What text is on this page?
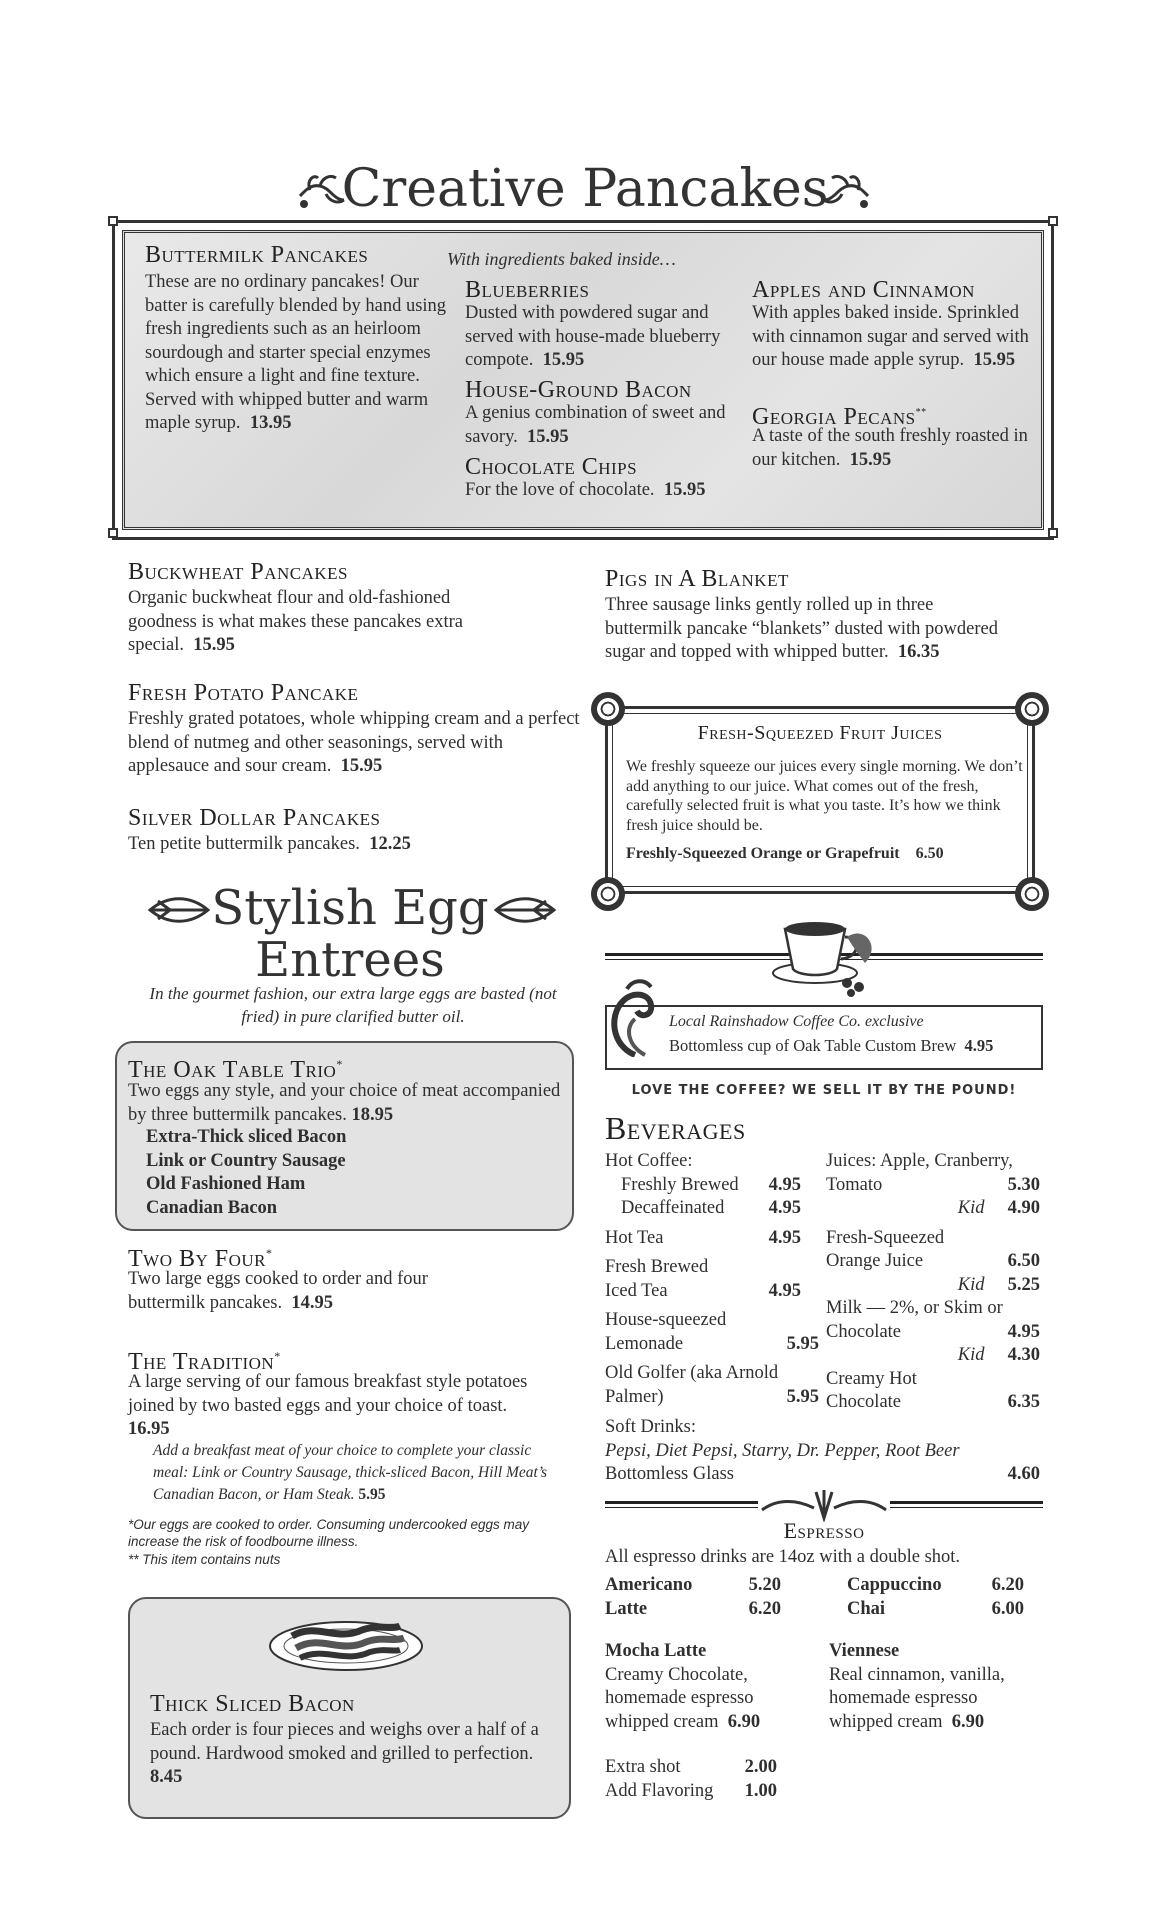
Creative Pancakes
Buttermilk Pancakes
These are no ordinary pancakes! Our batter is carefully blended by hand using fresh ingredients such as an heirloom sourdough and starter special enzymes which ensure a light and fine texture. Served with whipped butter and warm maple syrup. 13.95
With ingredients baked inside…
Blueberries
Dusted with powdered sugar and served with house-made blueberry compote. 15.95
House-Ground Bacon
A genius combination of sweet and savory. 15.95
Chocolate Chips
For the love of chocolate. 15.95
Apples and Cinnamon
With apples baked inside. Sprinkled with cinnamon sugar and served with our house made apple syrup. 15.95
Georgia Pecans**
A taste of the south freshly roasted in our kitchen. 15.95
Buckwheat Pancakes
Organic buckwheat flour and old-fashioned goodness is what makes these pancakes extra special. 15.95
Fresh Potato Pancake
Freshly grated potatoes, whole whipping cream and a perfect blend of nutmeg and other seasonings, served with applesauce and sour cream. 15.95
Silver Dollar Pancakes
Ten petite buttermilk pancakes. 12.25
Stylish Egg
Entrees
In the gourmet fashion, our extra large eggs are basted (not fried) in pure clarified butter oil.
The Oak Table Trio*
Two eggs any style, and your choice of meat accompanied by three buttermilk pancakes. 18.95
Extra-Thick sliced Bacon
Link or Country Sausage
Old Fashioned Ham
Canadian Bacon
Two By Four*
Two large eggs cooked to order and four buttermilk pancakes. 14.95
The Tradition*
A large serving of our famous breakfast style potatoes joined by two basted eggs and your choice of toast.  16.95
Add a breakfast meat of your choice to complete your classic meal: Link or Country Sausage, thick-sliced Bacon, Hill Meat’s Canadian Bacon, or Ham Steak. 5.95
*Our eggs are cooked to order. Consuming undercooked eggs may increase the risk of foodbourne illness.
** This item contains nuts
Thick Sliced Bacon
Each order is four pieces and weighs over a half of a pound. Hardwood smoked and grilled to perfection.  8.45
Pigs in A Blanket
Three sausage links gently rolled up in three buttermilk pancake “blankets” dusted with powdered sugar and topped with whipped butter. 16.35
Fresh-Squeezed Fruit Juices
We freshly squeeze our juices every single morning. We don’t add anything to our juice. What comes out of the fresh, carefully selected fruit is what you taste. It’s how we think fresh juice should be.
Freshly-Squeezed Orange or Grapefruit 6.50
Local Rainshadow Coffee Co. exclusive
Bottomless cup of Oak Table Custom Brew 4.95
LOVE THE COFFEE? WE SELL IT BY THE POUND!
Beverages
Hot Coffee:
Freshly Brewed 4.95
Decaffeinated 4.95
Hot Tea	4.95
Fresh Brewed
Iced Tea	4.95
House-squeezed
Lemonade	5.95
Old Golfer (aka Arnold
Palmer)	5.95
Juices: Apple, Cranberry,
Tomato	5.30
Kid 4.90
Fresh-Squeezed
Orange Juice	6.50
Kid 5.25
Milk — 2%, or Skim or
Chocolate	4.95
Kid 4.30
Creamy Hot
Chocolate	6.35
Soft Drinks:
Pepsi, Diet Pepsi, Starry, Dr. Pepper, Root Beer
Bottomless Glass	4.60
Espresso
All espresso drinks are 14oz with a double shot.
Americano	5.20
Latte	6.20
Cappuccino	6.20
Chai	6.00
Mocha Latte
Creamy Chocolate,
homemade espresso
whipped cream 6.90
Viennese
Real cinnamon, vanilla,
homemade espresso
whipped cream 6.90
Extra shot	2.00
Add Flavoring 1.00
